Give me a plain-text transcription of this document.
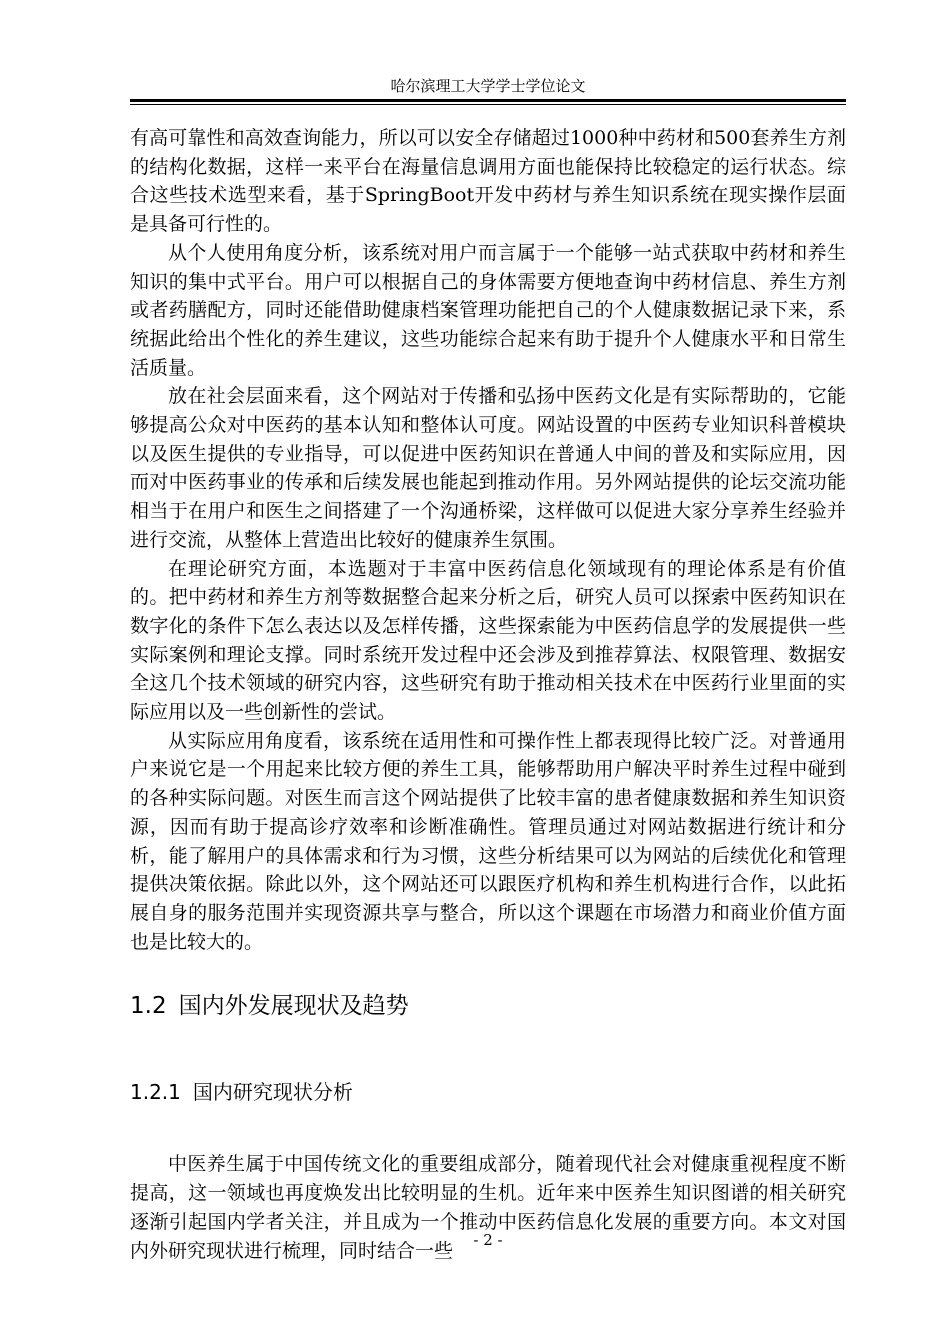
哈尔滨理工大学学士学位论文

有高可靠性和高效查询能力，所以可以安全存储超过1000种中药材和500套养生方剂的结构化数据，这样一来平台在海量信息调用方面也能保持比较稳定的运行状态。综合这些技术选型来看，基于SpringBoot开发中药材与养生知识系统在现实操作层面是具备可行性的。

从个人使用角度分析，该系统对用户而言属于一个能够一站式获取中药材和养生知识的集中式平台。用户可以根据自己的身体需要方便地查询中药材信息、养生方剂或者药膳配方，同时还能借助健康档案管理功能把自己的个人健康数据记录下来，系统据此给出个性化的养生建议，这些功能综合起来有助于提升个人健康水平和日常生活质量。

放在社会层面来看，这个网站对于传播和弘扬中医药文化是有实际帮助的，它能够提高公众对中医药的基本认知和整体认可度。网站设置的中医药专业知识科普模块以及医生提供的专业指导，可以促进中医药知识在普通人中间的普及和实际应用，因而对中医药事业的传承和后续发展也能起到推动作用。另外网站提供的论坛交流功能相当于在用户和医生之间搭建了一个沟通桥梁，这样做可以促进大家分享养生经验并进行交流，从整体上营造出比较好的健康养生氛围。

在理论研究方面，本选题对于丰富中医药信息化领域现有的理论体系是有价值的。把中药材和养生方剂等数据整合起来分析之后，研究人员可以探索中医药知识在数字化的条件下怎么表达以及怎样传播，这些探索能为中医药信息学的发展提供一些实际案例和理论支撑。同时系统开发过程中还会涉及到推荐算法、权限管理、数据安全这几个技术领域的研究内容，这些研究有助于推动相关技术在中医药行业里面的实际应用以及一些创新性的尝试。

从实际应用角度看，该系统在适用性和可操作性上都表现得比较广泛。对普通用户来说它是一个用起来比较方便的养生工具，能够帮助用户解决平时养生过程中碰到的各种实际问题。对医生而言这个网站提供了比较丰富的患者健康数据和养生知识资源，因而有助于提高诊疗效率和诊断准确性。管理员通过对网站数据进行统计和分析，能了解用户的具体需求和行为习惯，这些分析结果可以为网站的后续优化和管理提供决策依据。除此以外，这个网站还可以跟医疗机构和养生机构进行合作，以此拓展自身的服务范围并实现资源共享与整合，所以这个课题在市场潜力和商业价值方面也是比较大的。

1.2 国内外发展现状及趋势
1.2.1 国内研究现状分析

中医养生属于中国传统文化的重要组成部分，随着现代社会对健康重视程度不断提高，这一领域也再度焕发出比较明显的生机。近年来中医养生知识图谱的相关研究逐渐引起国内学者关注，并且成为一个推动中医药信息化发展的重要方向。本文对国内外研究现状进行梳理，同时结合一些	- 2 -
